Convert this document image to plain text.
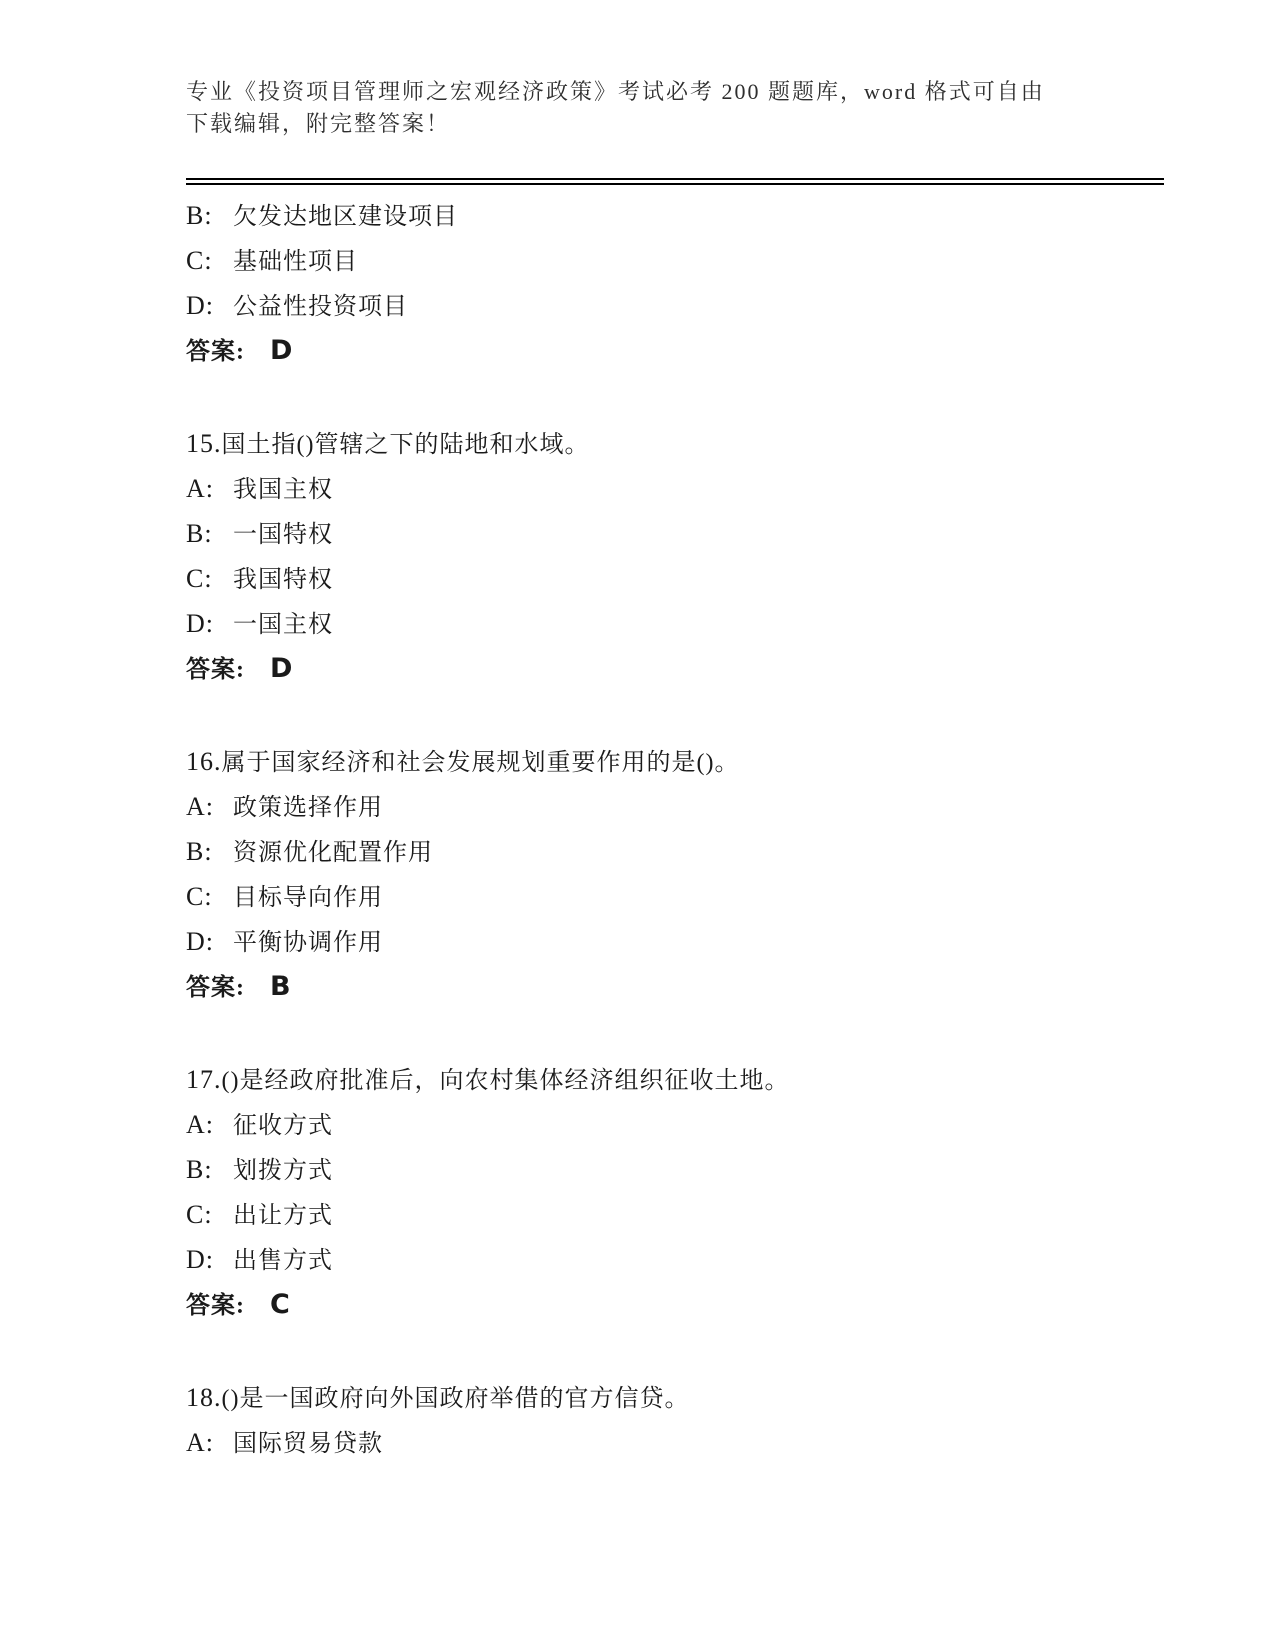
专业《投资项目管理师之宏观经济政策》考试必考 200 题题库，word 格式可自由
下载编辑，附完整答案！
B: 欠发达地区建设项目
C: 基础性项目
D: 公益性投资项目
答案: D
15.国土指()管辖之下的陆地和水域。
A: 我国主权
B: 一国特权
C: 我国特权
D: 一国主权
答案: D
16.属于国家经济和社会发展规划重要作用的是()。
A: 政策选择作用
B: 资源优化配置作用
C: 目标导向作用
D: 平衡协调作用
答案: B
17.()是经政府批准后，向农村集体经济组织征收土地。
A: 征收方式
B: 划拨方式
C: 出让方式
D: 出售方式
答案: C
18.()是一国政府向外国政府举借的官方信贷。
A: 国际贸易贷款
